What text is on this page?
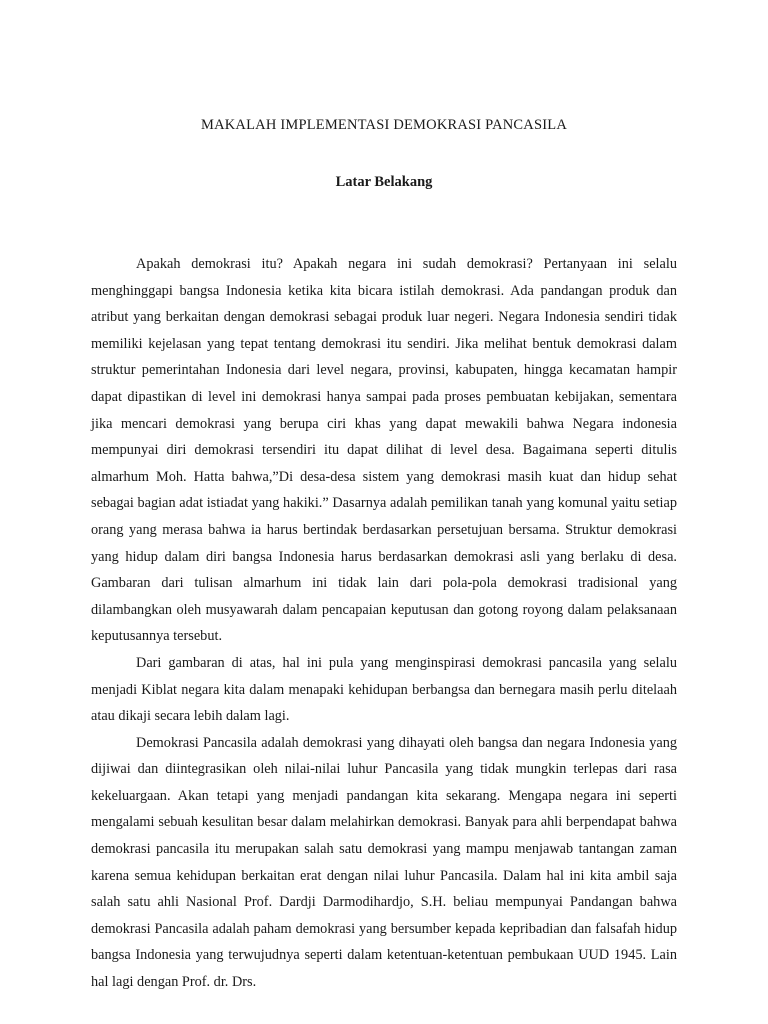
MAKALAH IMPLEMENTASI DEMOKRASI PANCASILA
Latar Belakang

Apakah demokrasi itu? Apakah negara ini sudah demokrasi? Pertanyaan ini selalu menghinggapi bangsa Indonesia ketika kita bicara istilah demokrasi. Ada pandangan produk dan atribut yang berkaitan dengan demokrasi sebagai produk luar negeri. Negara Indonesia sendiri tidak memiliki kejelasan yang tepat tentang demokrasi itu sendiri. Jika melihat bentuk demokrasi dalam struktur pemerintahan Indonesia dari level negara, provinsi, kabupaten, hingga kecamatan hampir dapat dipastikan di level ini demokrasi hanya sampai pada proses pembuatan kebijakan, sementara jika mencari demokrasi yang berupa ciri khas yang dapat mewakili bahwa Negara indonesia mempunyai diri demokrasi tersendiri itu dapat dilihat di level desa. Bagaimana seperti ditulis almarhum Moh. Hatta bahwa,”Di desa-desa sistem yang demokrasi masih kuat dan hidup sehat sebagai bagian adat istiadat yang hakiki.” Dasarnya adalah pemilikan tanah yang komunal yaitu setiap orang yang merasa bahwa ia harus bertindak berdasarkan persetujuan bersama. Struktur demokrasi yang hidup dalam diri bangsa Indonesia harus berdasarkan demokrasi asli yang berlaku di desa. Gambaran dari tulisan almarhum ini tidak lain dari pola-pola demokrasi tradisional yang dilambangkan oleh musyawarah dalam pencapaian keputusan dan gotong royong dalam pelaksanaan keputusannya tersebut.

Dari gambaran di atas, hal ini pula yang menginspirasi demokrasi pancasila yang selalu menjadi Kiblat negara kita dalam menapaki kehidupan berbangsa dan bernegara masih perlu ditelaah atau dikaji secara lebih dalam lagi.

Demokrasi Pancasila adalah demokrasi yang dihayati oleh bangsa dan negara Indonesia yang dijiwai dan diintegrasikan oleh nilai-nilai luhur Pancasila yang tidak mungkin terlepas dari rasa kekeluargaan. Akan tetapi yang menjadi pandangan kita sekarang. Mengapa negara ini seperti mengalami sebuah kesulitan besar dalam melahirkan demokrasi. Banyak para ahli berpendapat bahwa demokrasi pancasila itu merupakan salah satu demokrasi yang mampu menjawab tantangan zaman karena semua kehidupan berkaitan erat dengan nilai luhur Pancasila. Dalam hal ini kita ambil saja salah satu ahli Nasional Prof. Dardji Darmodihardjo, S.H. beliau mempunyai Pandangan bahwa demokrasi Pancasila adalah paham demokrasi yang bersumber kepada kepribadian dan falsafah hidup bangsa Indonesia yang terwujudnya seperti dalam ketentuan-ketentuan pembukaan UUD 1945. Lain hal lagi dengan Prof. dr. Drs.
